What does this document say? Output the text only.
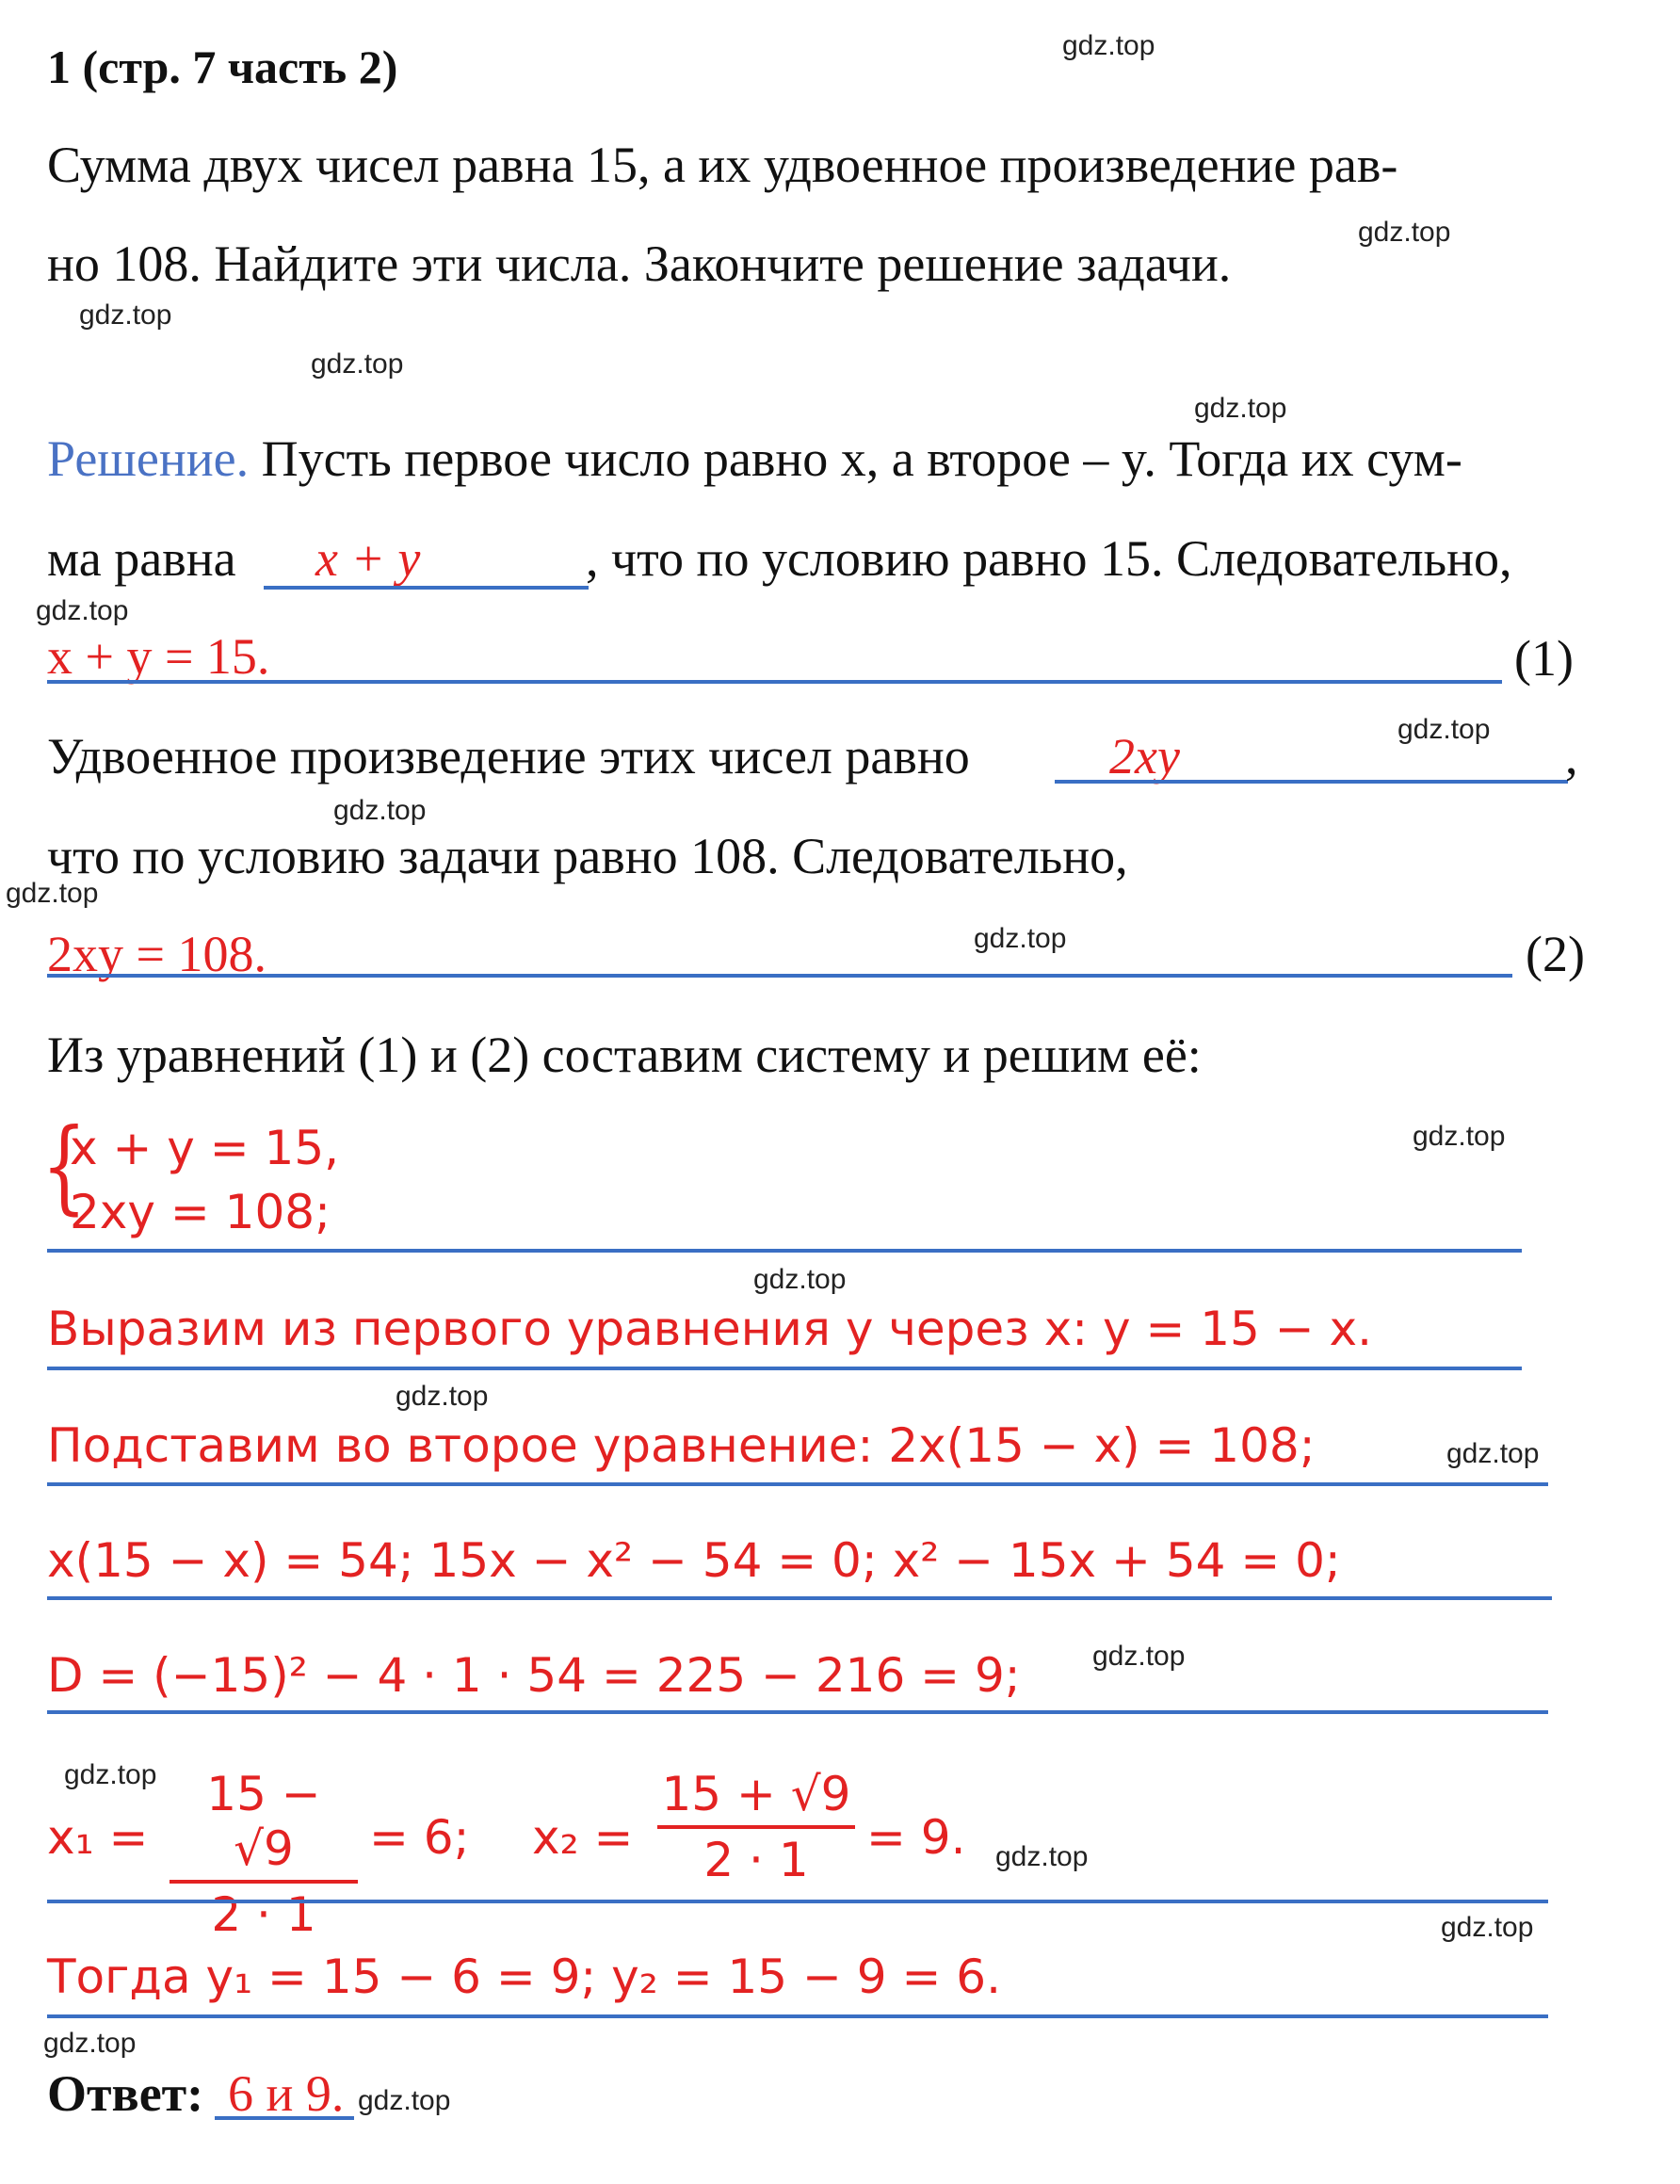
1 (стр. 7 часть 2)
Сумма двух чисел равна 15, а их удвоенное произведение рав-
но 108. Найдите эти числа. Закончите решение задачи.
Решение. Пусть первое число равно x, а второе – y. Тогда их сум-
ма равна x + y	, что по условию равно 15. Следовательно,
x + y = 15.	(1)
Удвоенное произведение этих чисел равно	2xy	,
что по условию задачи равно 108. Следовательно,
2xy = 108.	(2)
Из уравнений (1) и (2) составим систему и решим её:
{
x + y = 15,
2xy = 108;
Выразим из первого уравнения y через x: y = 15 − x.
Подставим во второе уравнение: 2x(15 − x) = 108;
x(15 − x) = 54; 15x − x² − 54 = 0; x² − 15x + 54 = 0;
D = (−15)² − 4 · 1 · 54 = 225 − 216 = 9;
x₁ =
15 − √9
2 · 1
= 6; x₂ =
15 + √9
2 · 1	= 9.
Тогда y₁ = 15 − 6 = 9; y₂ = 15 − 9 = 6.
Ответ: 6 и 9.
gdz.top
gdz.top
gdz.top
gdz.top
gdz.top
gdz.top
gdz.top
gdz.top
gdz.top
gdz.top
gdz.top
gdz.top
gdz.top
gdz.top
gdz.top
gdz.top
gdz.top
gdz.top
gdz.top
gdz.top
